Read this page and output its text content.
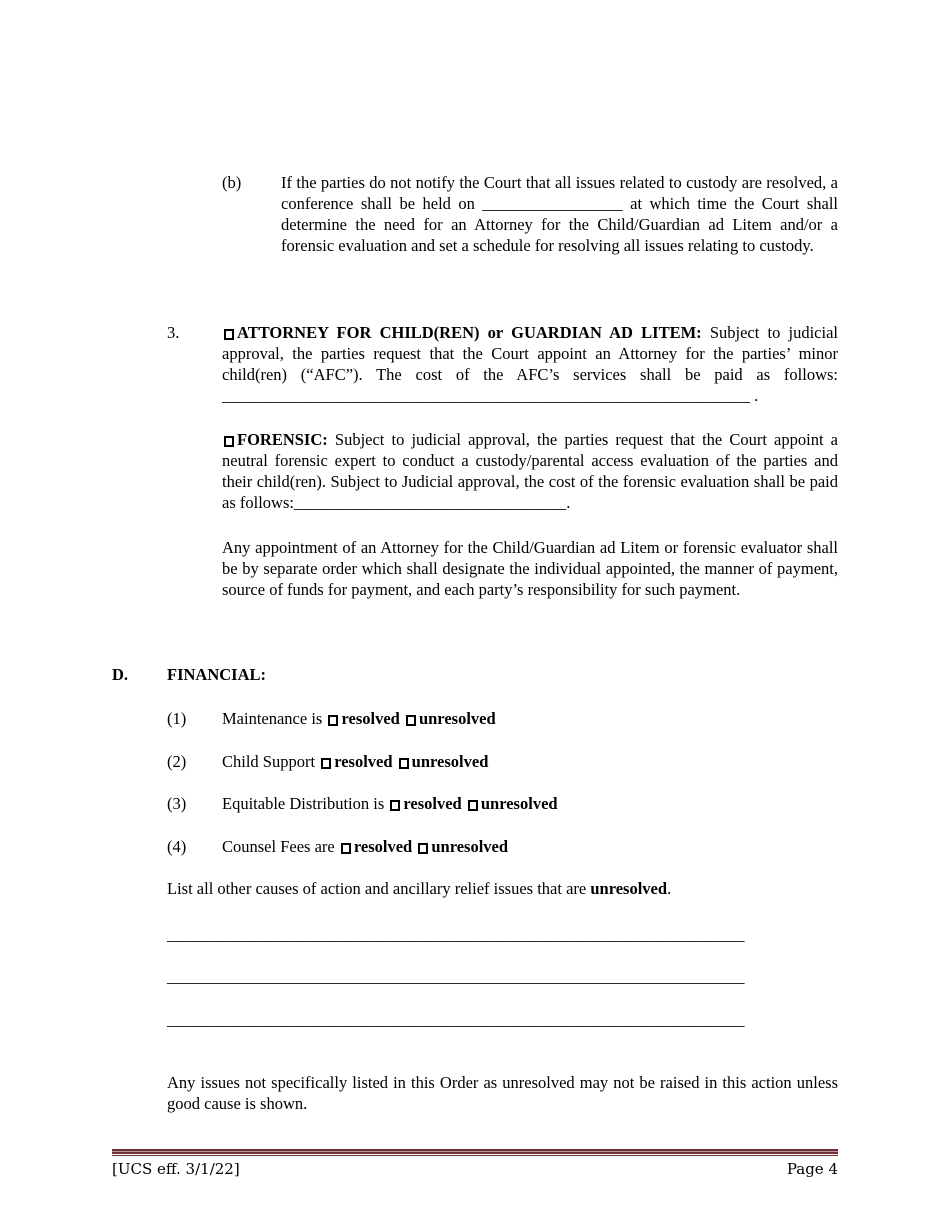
(b)	If the parties do not notify the Court that all issues related to custody are resolved, a conference shall be held on _________________ at which time the Court shall determine the need for an Attorney for the Child/Guardian ad Litem and/or a forensic evaluation and set a schedule for resolving all issues relating to custody.
3.	ATTORNEY FOR CHILD(REN) or GUARDIAN AD LITEM: Subject to judicial approval, the parties request that the Court appoint an Attorney for the parties’ minor child(ren) (“AFC”). The cost of the AFC’s services shall be paid as follows: ________________________________________________________________ .
FORENSIC: Subject to judicial approval, the parties request that the Court appoint a neutral forensic expert to conduct a custody/parental access evaluation of the parties and their child(ren). Subject to Judicial approval, the cost of the forensic evaluation shall be paid as follows:_________________________________.
Any appointment of an Attorney for the Child/Guardian ad Litem or forensic evaluator shall be by separate order which shall designate the individual appointed, the manner of payment, source of funds for payment, and each party’s responsibility for such payment.
D.	FINANCIAL:
(1)	Maintenance is resolved unresolved
(2)	Child Support resolved unresolved
(3)	Equitable Distribution is resolved unresolved
(4)	Counsel Fees are resolved unresolved
List all other causes of action and ancillary relief issues that are unresolved.
______________________________________________________________________
______________________________________________________________________
______________________________________________________________________
Any issues not specifically listed in this Order as unresolved may not be raised in this action unless good cause is shown.
[UCS eff. 3/1/22]	Page 4
